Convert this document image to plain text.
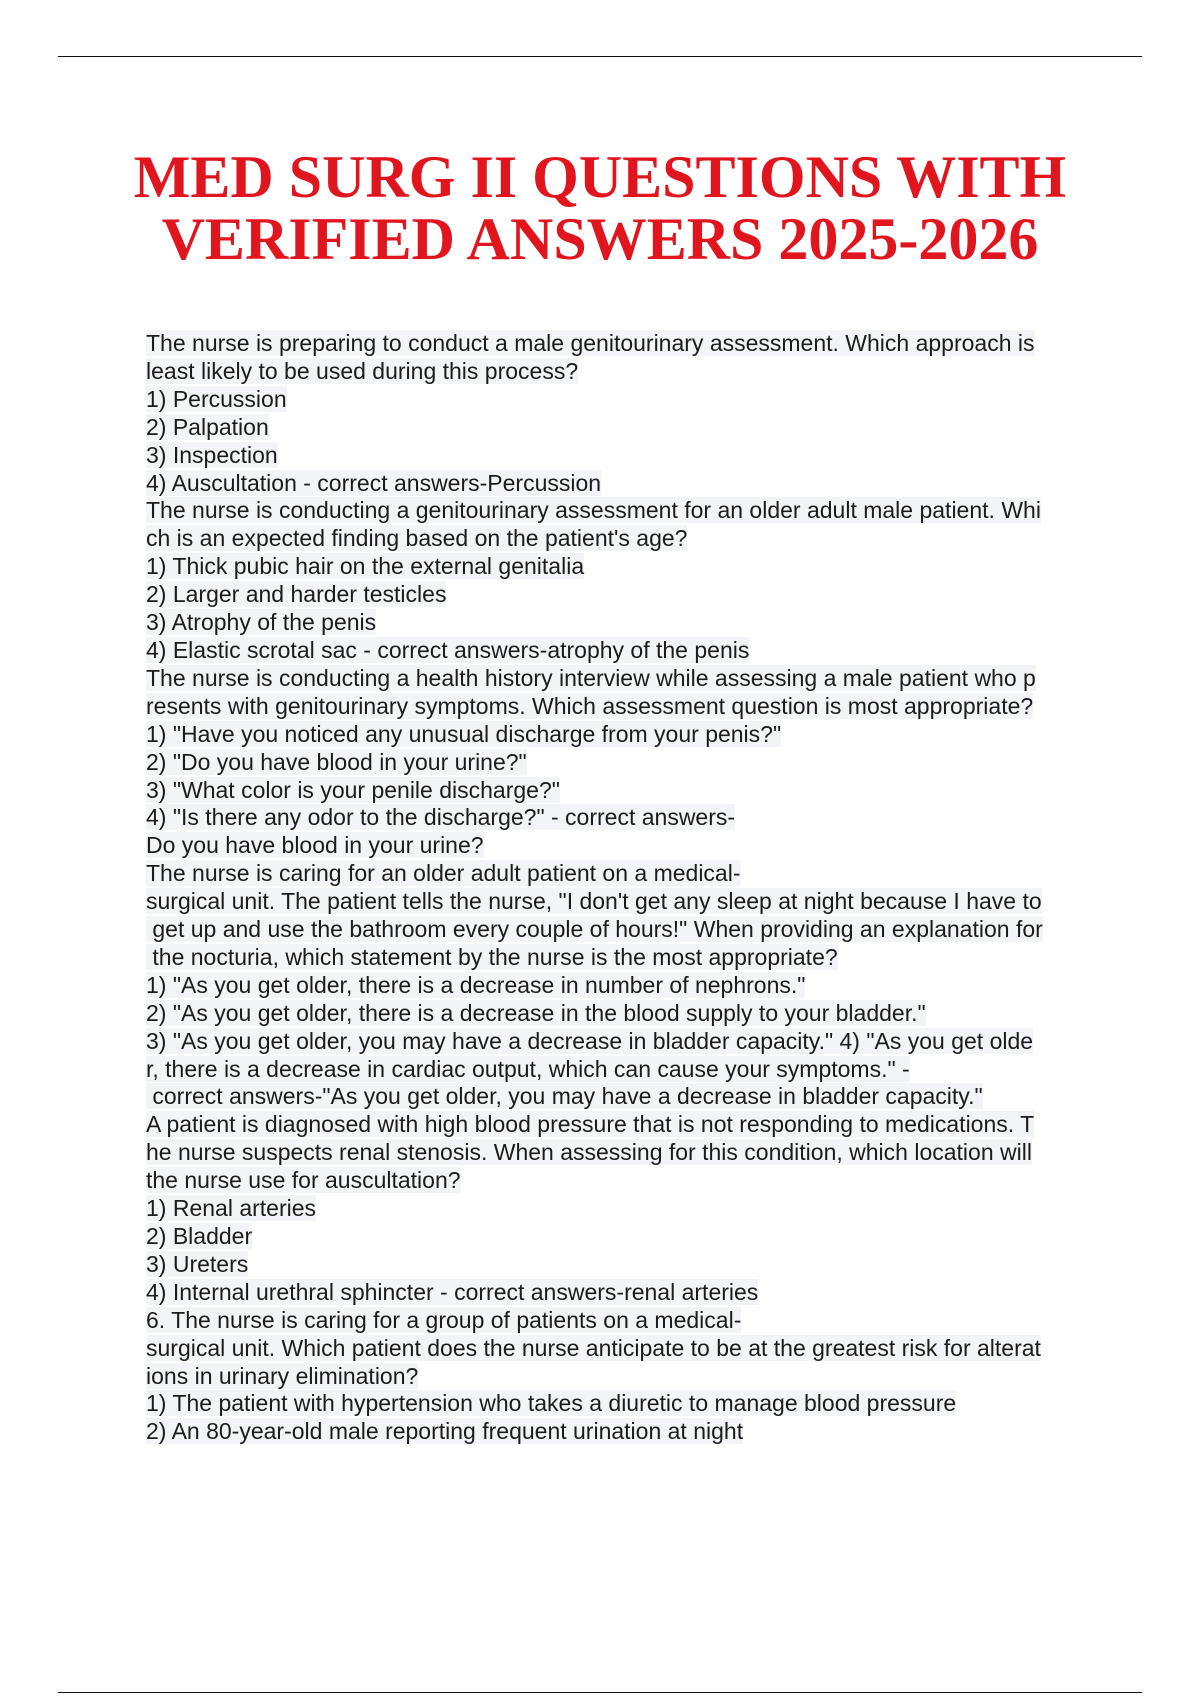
MED SURG II QUESTIONS WITH
VERIFIED ANSWERS 2025-2026
The nurse is preparing to conduct a male genitourinary assessment. Which approach is
least likely to be used during this process?
1) Percussion
2) Palpation
3) Inspection
4) Auscultation - correct answers-Percussion
The nurse is conducting a genitourinary assessment for an older adult male patient. Whi
ch is an expected finding based on the patient's age?
1) Thick pubic hair on the external genitalia
2) Larger and harder testicles
3) Atrophy of the penis
4) Elastic scrotal sac - correct answers-atrophy of the penis
The nurse is conducting a health history interview while assessing a male patient who p
resents with genitourinary symptoms. Which assessment question is most appropriate?
1) "Have you noticed any unusual discharge from your penis?"
2) "Do you have blood in your urine?"
3) "What color is your penile discharge?"
4) "Is there any odor to the discharge?" - correct answers-
Do you have blood in your urine?
The nurse is caring for an older adult patient on a medical-
surgical unit. The patient tells the nurse, "I don't get any sleep at night because I have to
get up and use the bathroom every couple of hours!" When providing an explanation for
the nocturia, which statement by the nurse is the most appropriate?
1) "As you get older, there is a decrease in number of nephrons."
2) "As you get older, there is a decrease in the blood supply to your bladder."
3) "As you get older, you may have a decrease in bladder capacity." 4) "As you get olde
r, there is a decrease in cardiac output, which can cause your symptoms." -
correct answers-"As you get older, you may have a decrease in bladder capacity."
A patient is diagnosed with high blood pressure that is not responding to medications. T
he nurse suspects renal stenosis. When assessing for this condition, which location will
the nurse use for auscultation?
1) Renal arteries
2) Bladder
3) Ureters
4) Internal urethral sphincter - correct answers-renal arteries
6. The nurse is caring for a group of patients on a medical-
surgical unit. Which patient does the nurse anticipate to be at the greatest risk for alterat
ions in urinary elimination?
1) The patient with hypertension who takes a diuretic to manage blood pressure
2) An 80-year-old male reporting frequent urination at night
